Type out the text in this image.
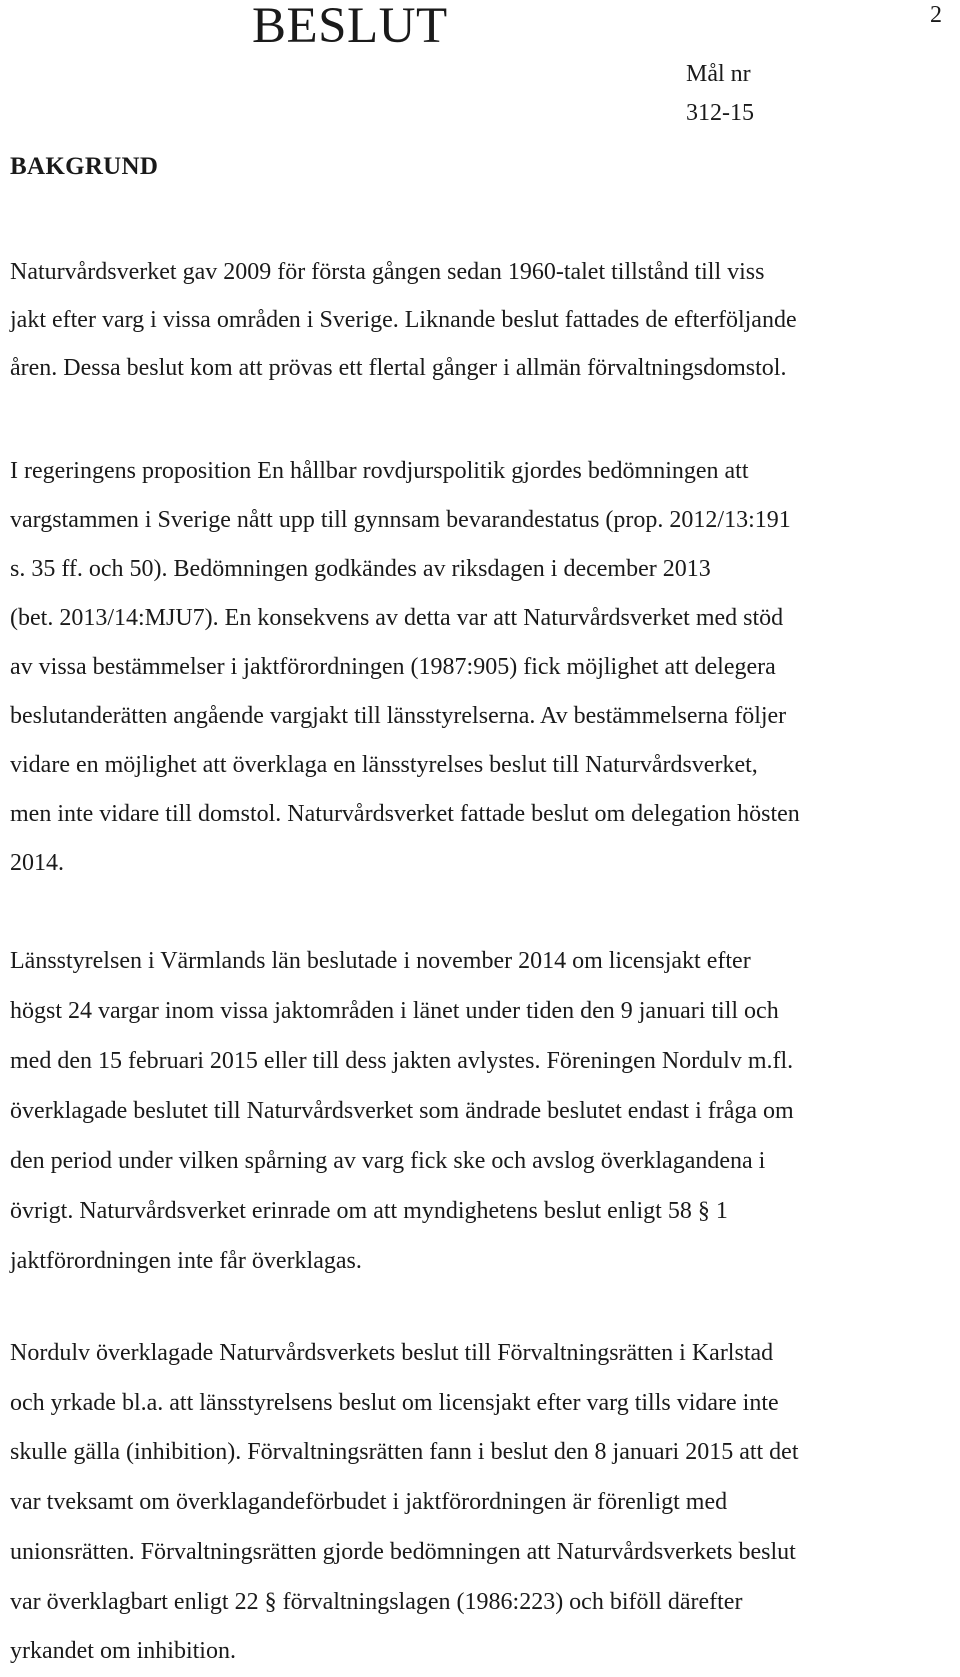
BESLUT	2
Mål nr
312-15
BAKGRUND

Naturvårdsverket gav 2009 för första gången sedan 1960-talet tillstånd till viss
jakt efter varg i vissa områden i Sverige. Liknande beslut fattades de efterföljande
åren. Dessa beslut kom att prövas ett flertal gånger i allmän förvaltningsdomstol.

I regeringens proposition En hållbar rovdjurspolitik gjordes bedömningen att
vargstammen i Sverige nått upp till gynnsam bevarandestatus (prop. 2012/13:191
s. 35 ff. och 50). Bedömningen godkändes av riksdagen i december 2013
(bet. 2013/14:MJU7). En konsekvens av detta var att Naturvårdsverket med stöd
av vissa bestämmelser i jaktförordningen (1987:905) fick möjlighet att delegera
beslutanderätten angående vargjakt till länsstyrelserna. Av bestämmelserna följer
vidare en möjlighet att överklaga en länsstyrelses beslut till Naturvårdsverket,
men inte vidare till domstol. Naturvårdsverket fattade beslut om delegation hösten
2014.

Länsstyrelsen i Värmlands län beslutade i november 2014 om licensjakt efter
högst 24 vargar inom vissa jaktområden i länet under tiden den 9 januari till och
med den 15 februari 2015 eller till dess jakten avlystes. Föreningen Nordulv m.fl.
överklagade beslutet till Naturvårdsverket som ändrade beslutet endast i fråga om
den period under vilken spårning av varg fick ske och avslog överklagandena i
övrigt. Naturvårdsverket erinrade om att myndighetens beslut enligt 58 § 1
jaktförordningen inte får överklagas.

Nordulv överklagade Naturvårdsverkets beslut till Förvaltningsrätten i Karlstad
och yrkade bl.a. att länsstyrelsens beslut om licensjakt efter varg tills vidare inte
skulle gälla (inhibition). Förvaltningsrätten fann i beslut den 8 januari 2015 att det
var tveksamt om överklagandeförbudet i jaktförordningen är förenligt med
unionsrätten. Förvaltningsrätten gjorde bedömningen att Naturvårdsverkets beslut
var överklagbart enligt 22 § förvaltningslagen (1986:223) och biföll därefter
yrkandet om inhibition.
